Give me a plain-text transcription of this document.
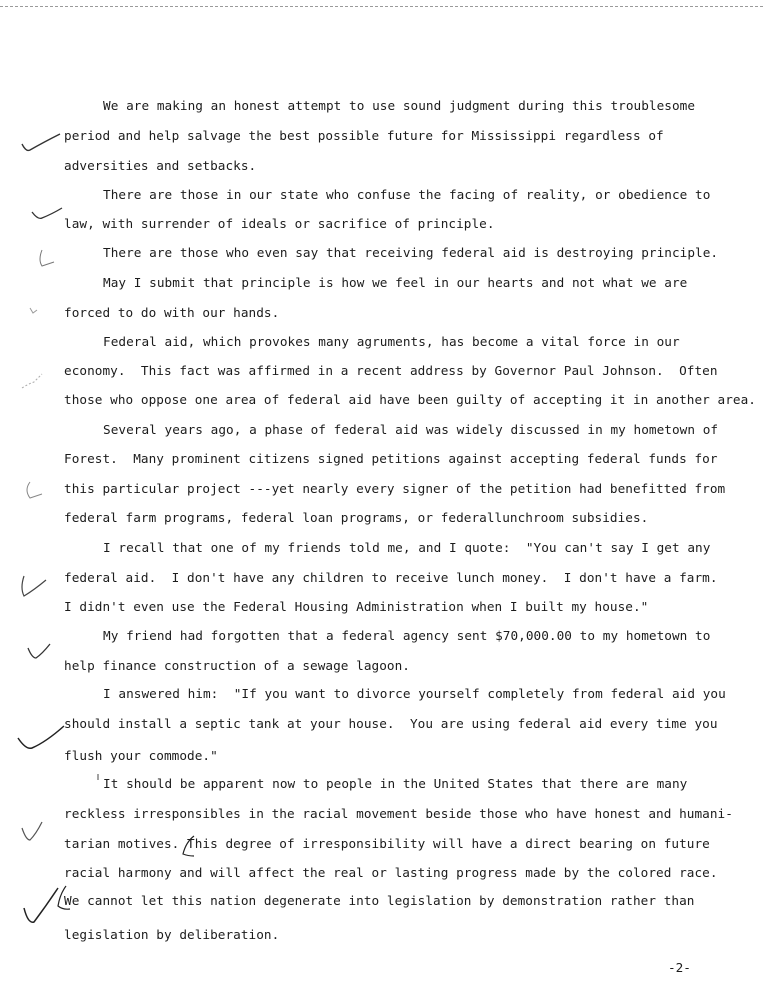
We are making an honest attempt to use sound judgment during this troublesome
period and help salvage the best possible future for Mississippi regardless of
adversities and setbacks.
There are those in our state who confuse the facing of reality, or obedience to
law, with surrender of ideals or sacrifice of principle.
There are those who even say that receiving federal aid is destroying principle.
May I submit that principle is how we feel in our hearts and not what we are
forced to do with our hands.
Federal aid, which provokes many agruments, has become a vital force in our
economy.  This fact was affirmed in a recent address by Governor Paul Johnson.  Often
those who oppose one area of federal aid have been guilty of accepting it in another area.
Several years ago, a phase of federal aid was widely discussed in my hometown of
Forest.  Many prominent citizens signed petitions against accepting federal funds for
this particular project ---yet nearly every signer of the petition had benefitted from
federal farm programs, federal loan programs, or federallunchroom subsidies.
I recall that one of my friends told me, and I quote:  "You can't say I get any
federal aid.  I don't have any children to receive lunch money.  I don't have a farm.
I didn't even use the Federal Housing Administration when I built my house."
My friend had forgotten that a federal agency sent $70,000.00 to my hometown to
help finance construction of a sewage lagoon.
I answered him:  "If you want to divorce yourself completely from federal aid you
should install a septic tank at your house.  You are using federal aid every time you
flush your commode."
It should be apparent now to people in the United States that there are many
reckless irresponsibles in the racial movement beside those who have honest and humani-
tarian motives. This degree of irresponsibility will have a direct bearing on future
racial harmony and will affect the real or lasting progress made by the colored race.
We cannot let this nation degenerate into legislation by demonstration rather than
legislation by deliberation.
-2-
